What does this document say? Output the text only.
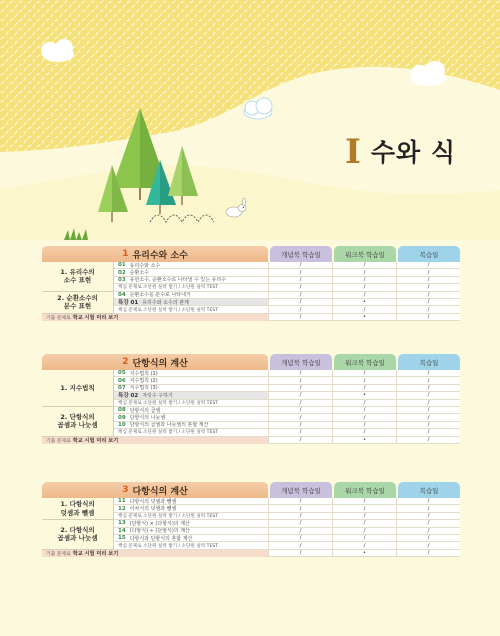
I 수와 식
1 유리수와 소수	개념북 학습일	워크북 학습일	복습일
1. 유리수의
소수 표현
01 유리수와 소수	/	/	/
02 순환소수	/	/	/
03 유한소수, 순환소수로 나타낼 수 있는 유리수	/	/	/
핵심 문제로 소단원 실력 쌓기 / 소단원 실력 TEST	/	/	/
2. 순환소수의
분수 표현
04 순환소수를 분수로 나타내기	/	/	/
특강 01 유리수와 소수의 관계	/	•	/
핵심 문제로 소단원 실력 쌓기 / 소단원 실력 TEST	/	/	/
기출 문제로 학교 시험 미리 보기	/	•	/
2 단항식의 계산	개념북 학습일	워크북 학습일	복습일
1. 지수법칙
05 지수법칙 (1)	/	/	/
06 지수법칙 (2)	/	/	/
07 지수법칙 (3)	/	/	/
특강 02 자릿수 구하기	/	•	/
핵심 문제로 소단원 실력 쌓기 / 소단원 실력 TEST	/	/	/
2. 단항식의
곱셈과 나눗셈
08 단항식의 곱셈	/	/	/
09 단항식의 나눗셈	/	/	/
10 단항식의 곱셈과 나눗셈의 혼합 계산	/	/	/
핵심 문제로 소단원 실력 쌓기 / 소단원 실력 TEST	/	/	/
기출 문제로 학교 시험 미리 보기	/	•	/
3 다항식의 계산	개념북 학습일	워크북 학습일	복습일
1. 다항식의
덧셈과 뺄셈
11 다항식의 덧셈과 뺄셈	/	/	/
12 이차식의 덧셈과 뺄셈	/	/	/
핵심 문제로 소단원 실력 쌓기 / 소단원 실력 TEST	/	/	/
2. 다항식의
곱셈과 나눗셈
13 (단항식) × (다항식)의 계산	/	/	/
14 (다항식) ÷ (단항식)의 계산	/	/	/
15 다항식과 단항식의 혼합 계산	/	/	/
핵심 문제로 소단원 실력 쌓기 / 소단원 실력 TEST	/	/	/
기출 문제로 학교 시험 미리 보기	/	•	/
